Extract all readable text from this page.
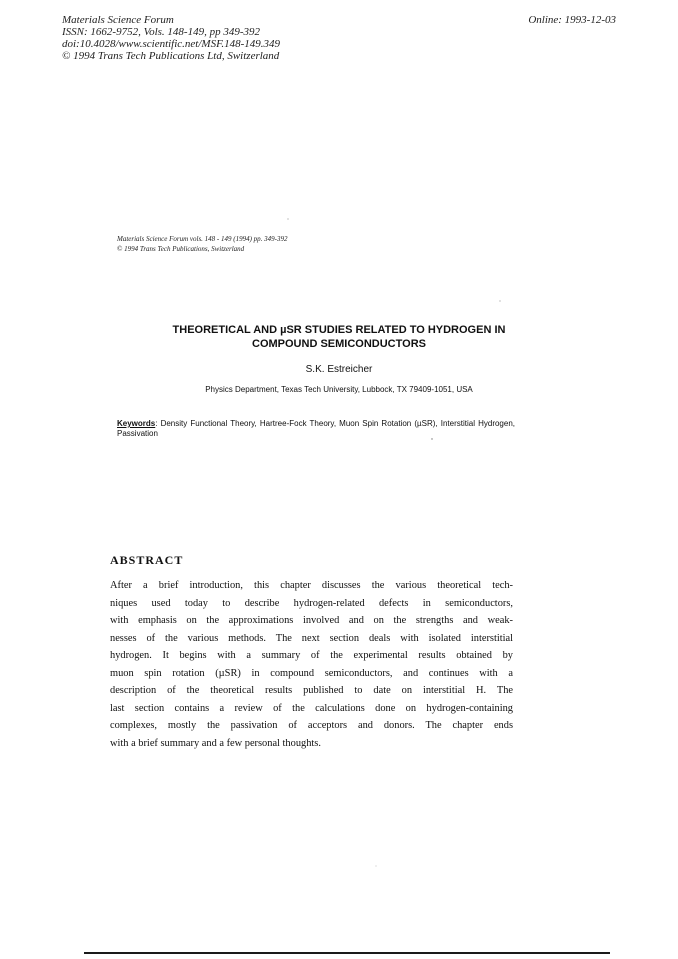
Materials Science Forum
ISSN: 1662-9752, Vols. 148-149, pp 349-392
doi:10.4028/www.scientific.net/MSF.148-149.349
© 1994 Trans Tech Publications Ltd, Switzerland
Online: 1993-12-03
Materials Science Forum vols. 148 - 149 (1994) pp. 349-392
© 1994 Trans Tech Publications, Switzerland
THEORETICAL AND µSR STUDIES RELATED TO HYDROGEN IN
COMPOUND SEMICONDUCTORS
S.K. Estreicher
Physics Department, Texas Tech University, Lubbock, TX 79409-1051, USA
Keywords: Density Functional Theory, Hartree-Fock Theory, Muon Spin Rotation (µSR), Interstitial Hydrogen, Passivation
ABSTRACT
After a brief introduction, this chapter discusses the various theoretical tech-
niques used today to describe hydrogen-related defects in semiconductors,
with emphasis on the approximations involved and on the strengths and weak-
nesses of the various methods. The next section deals with isolated interstitial
hydrogen. It begins with a summary of the experimental results obtained by
muon spin rotation (µSR) in compound semiconductors, and continues with a
description of the theoretical results published to date on interstitial H. The
last section contains a review of the calculations done on hydrogen-containing
complexes, mostly the passivation of acceptors and donors. The chapter ends
with a brief summary and a few personal thoughts.
